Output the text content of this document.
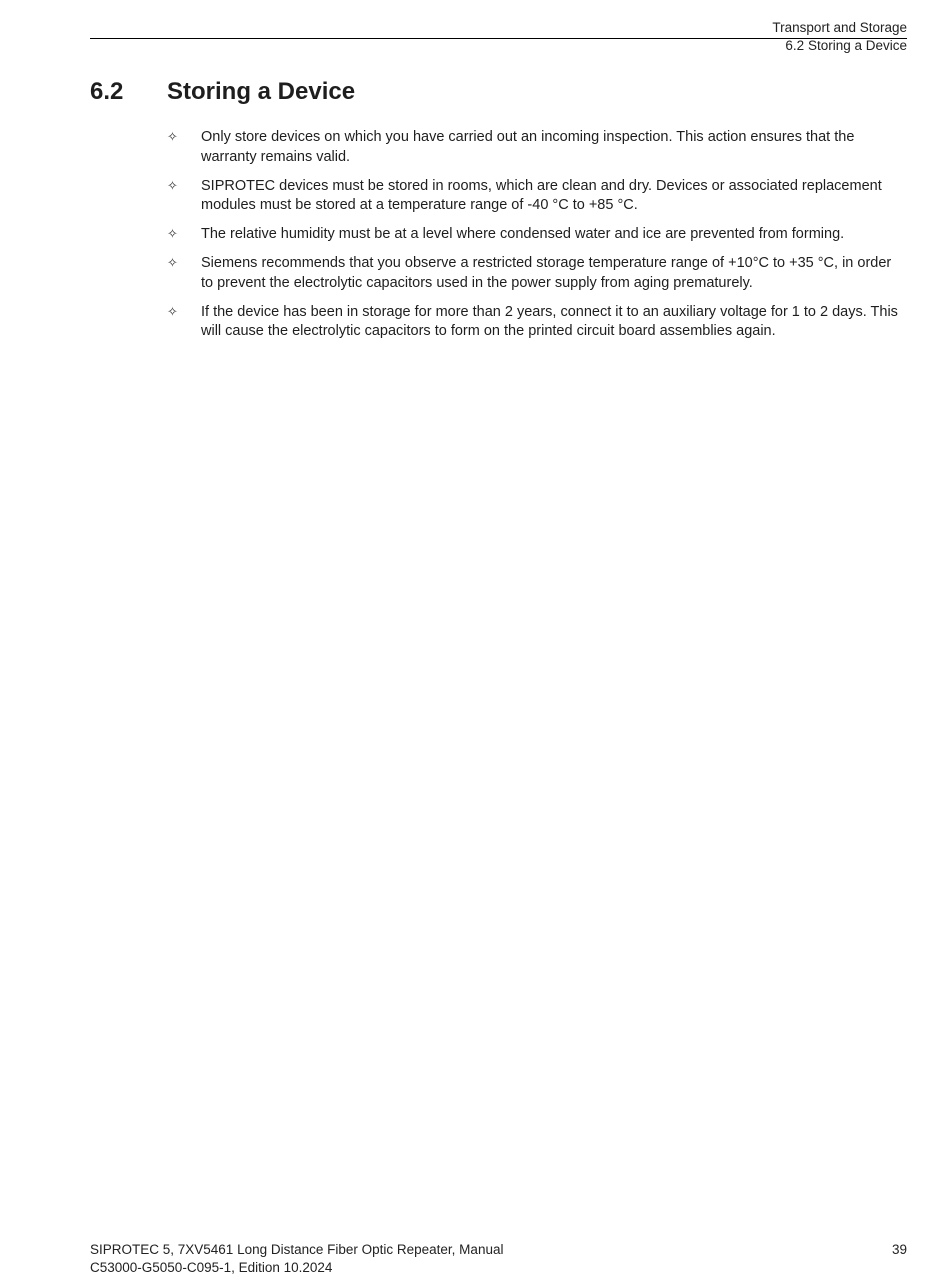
Transport and Storage
6.2 Storing a Device
6.2 Storing a Device
✧ Only store devices on which you have carried out an incoming inspection. This action ensures that the warranty remains valid.
✧ SIPROTEC devices must be stored in rooms, which are clean and dry. Devices or associated replacement modules must be stored at a temperature range of -40 °C to +85 °C.
✧ The relative humidity must be at a level where condensed water and ice are prevented from forming.
✧ Siemens recommends that you observe a restricted storage temperature range of +10°C to +35 °C, in order to prevent the electrolytic capacitors used in the power supply from aging prematurely.
✧ If the device has been in storage for more than 2 years, connect it to an auxiliary voltage for 1 to 2 days. This will cause the electrolytic capacitors to form on the printed circuit board assemblies again.
SIPROTEC 5, 7XV5461 Long Distance Fiber Optic Repeater, Manual
C53000-G5050-C095-1, Edition 10.2024
39
